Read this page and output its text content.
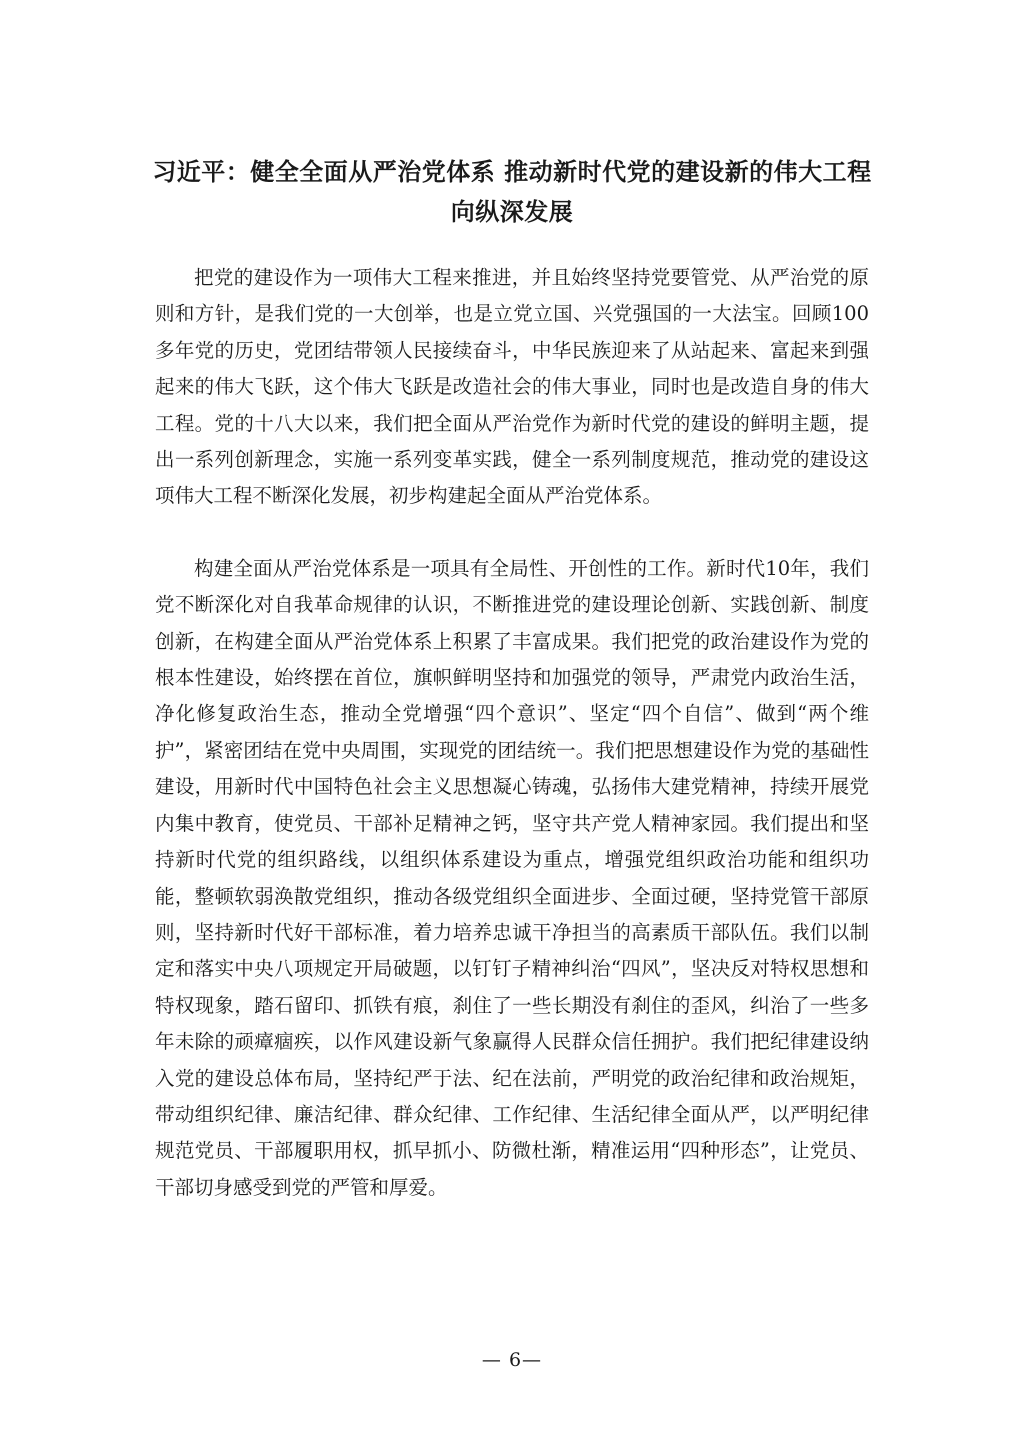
习近平：健全全面从严治党体系 推动新时代党的建设新的伟大工程
向纵深发展

把党的建设作为一项伟大工程来推进，并且始终坚持党要管党、从严治党的原则和方针，是我们党的一大创举，也是立党立国、兴党强国的一大法宝。回顾100多年党的历史，党团结带领人民接续奋斗，中华民族迎来了从站起来、富起来到强起来的伟大飞跃，这个伟大飞跃是改造社会的伟大事业，同时也是改造自身的伟大工程。党的十八大以来，我们把全面从严治党作为新时代党的建设的鲜明主题，提出一系列创新理念，实施一系列变革实践，健全一系列制度规范，推动党的建设这项伟大工程不断深化发展，初步构建起全面从严治党体系。

构建全面从严治党体系是一项具有全局性、开创性的工作。新时代10年，我们党不断深化对自我革命规律的认识，不断推进党的建设理论创新、实践创新、制度创新，在构建全面从严治党体系上积累了丰富成果。我们把党的政治建设作为党的根本性建设，始终摆在首位，旗帜鲜明坚持和加强党的领导，严肃党内政治生活，净化修复政治生态，推动全党增强“四个意识”、坚定“四个自信”、做到“两个维护”，紧密团结在党中央周围，实现党的团结统一。我们把思想建设作为党的基础性建设，用新时代中国特色社会主义思想凝心铸魂，弘扬伟大建党精神，持续开展党内集中教育，使党员、干部补足精神之钙，坚守共产党人精神家园。我们提出和坚持新时代党的组织路线，以组织体系建设为重点，增强党组织政治功能和组织功能，整顿软弱涣散党组织，推动各级党组织全面进步、全面过硬，坚持党管干部原则，坚持新时代好干部标准，着力培养忠诚干净担当的高素质干部队伍。我们以制定和落实中央八项规定开局破题，以钉钉子精神纠治“四风”，坚决反对特权思想和特权现象，踏石留印、抓铁有痕，刹住了一些长期没有刹住的歪风，纠治了一些多年未除的顽瘴痼疾，以作风建设新气象赢得人民群众信任拥护。我们把纪律建设纳入党的建设总体布局，坚持纪严于法、纪在法前，严明党的政治纪律和政治规矩，带动组织纪律、廉洁纪律、群众纪律、工作纪律、生活纪律全面从严，以严明纪律规范党员、干部履职用权，抓早抓小、防微杜渐，精准运用“四种形态”，让党员、干部切身感受到党的严管和厚爱。

— 6—
